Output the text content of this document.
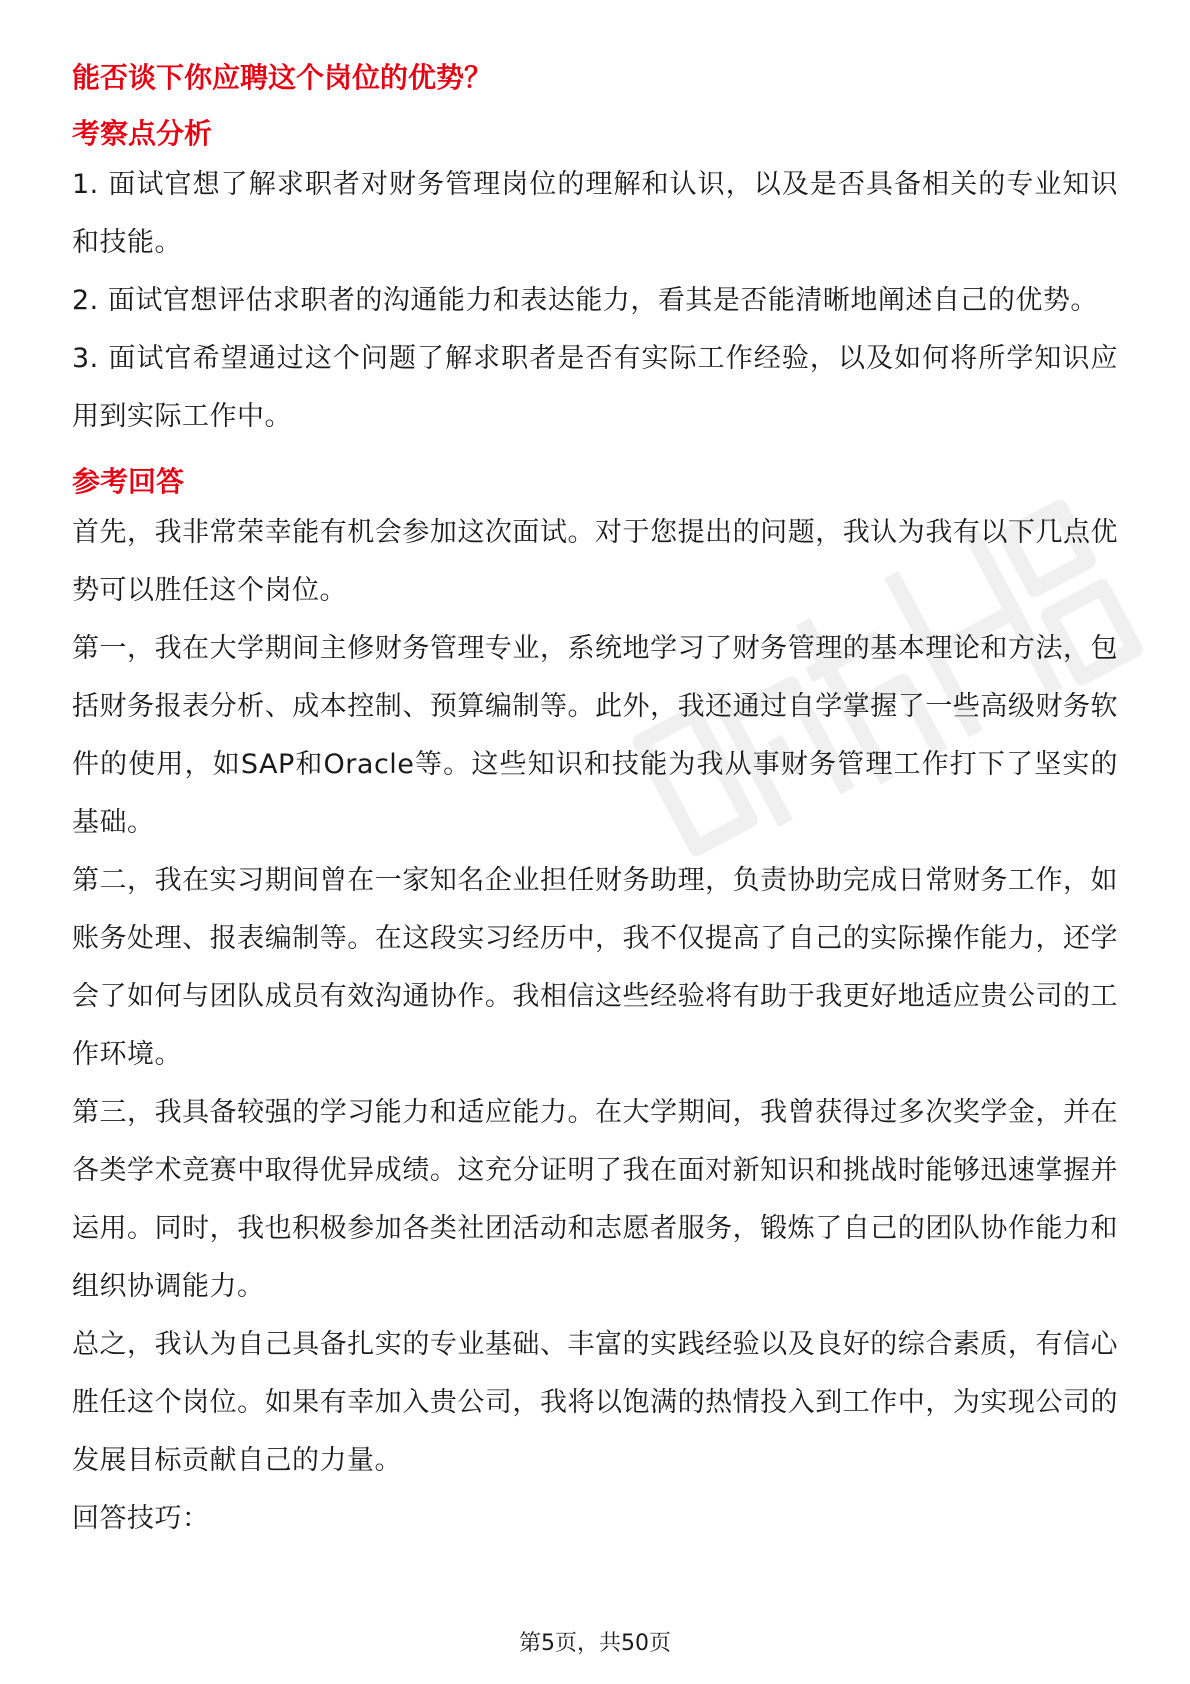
能否谈下你应聘这个岗位的优势？

考察点分析

1. 面试官想了解求职者对财务管理岗位的理解和认识，以及是否具备相关的专业知识和技能。

2. 面试官想评估求职者的沟通能力和表达能力，看其是否能清晰地阐述自己的优势。

3. 面试官希望通过这个问题了解求职者是否有实际工作经验，以及如何将所学知识应用到实际工作中。

参考回答

首先，我非常荣幸能有机会参加这次面试。对于您提出的问题，我认为我有以下几点优势可以胜任这个岗位。

第一，我在大学期间主修财务管理专业，系统地学习了财务管理的基本理论和方法，包括财务报表分析、成本控制、预算编制等。此外，我还通过自学掌握了一些高级财务软件的使用，如SAP和Oracle等。这些知识和技能为我从事财务管理工作打下了坚实的基础。

第二，我在实习期间曾在一家知名企业担任财务助理，负责协助完成日常财务工作，如账务处理、报表编制等。在这段实习经历中，我不仅提高了自己的实际操作能力，还学会了如何与团队成员有效沟通协作。我相信这些经验将有助于我更好地适应贵公司的工作环境。

第三，我具备较强的学习能力和适应能力。在大学期间，我曾获得过多次奖学金，并在各类学术竞赛中取得优异成绩。这充分证明了我在面对新知识和挑战时能够迅速掌握并运用。同时，我也积极参加各类社团活动和志愿者服务，锻炼了自己的团队协作能力和组织协调能力。

总之，我认为自己具备扎实的专业基础、丰富的实践经验以及良好的综合素质，有信心胜任这个岗位。如果有幸加入贵公司，我将以饱满的热情投入到工作中，为实现公司的发展目标贡献自己的力量。

回答技巧：

第5页，共50页
